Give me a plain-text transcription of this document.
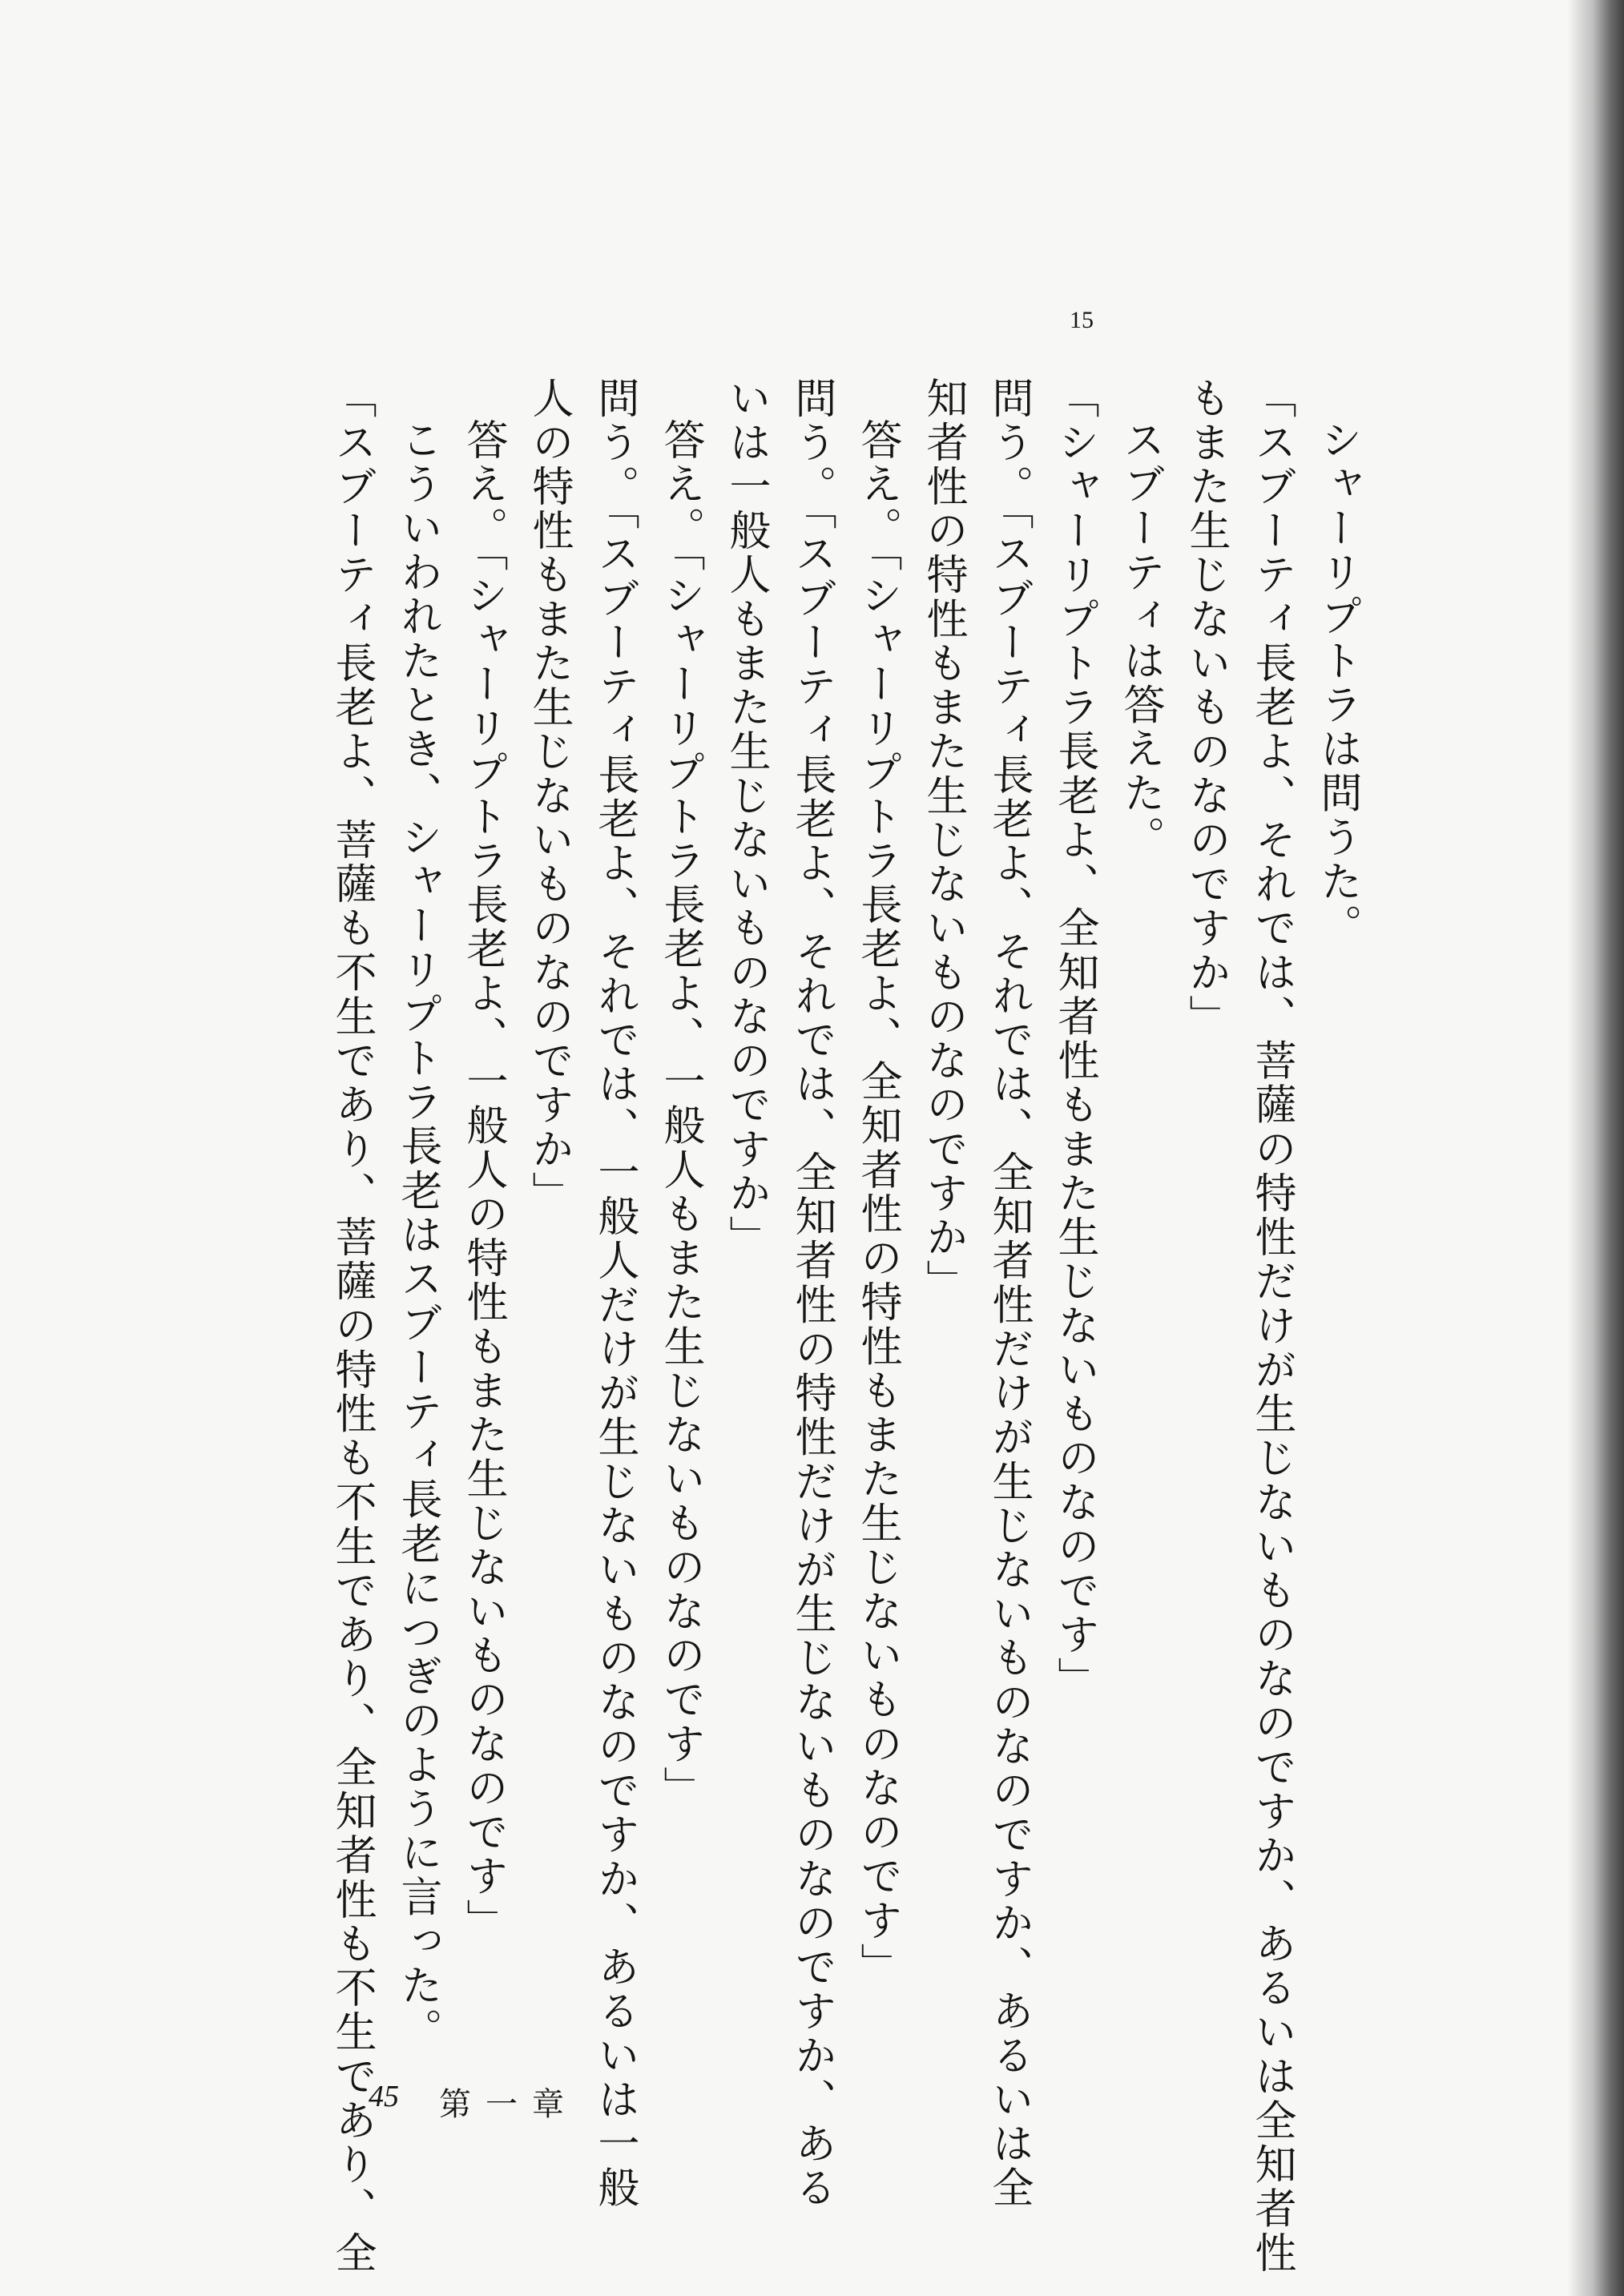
15
シャーリプトラは問うた。
「スブーティ長老よ、それでは、菩薩の特性だけが生じないものなのですか、あるいは全知者性
もまた生じないものなのですか」
スブーティは答えた。
「シャーリプトラ長老よ、全知者性もまた生じないものなのです」
問う。「スブーティ長老よ、それでは、全知者性だけが生じないものなのですか、あるいは全
知者性の特性もまた生じないものなのですか」
答え。「シャーリプトラ長老よ、全知者性の特性もまた生じないものなのです」
問う。「スブーティ長老よ、それでは、全知者性の特性だけが生じないものなのですか、ある
いは一般人もまた生じないものなのですか」
答え。「シャーリプトラ長老よ、一般人もまた生じないものなのです」
問う。「スブーティ長老よ、それでは、一般人だけが生じないものなのですか、あるいは一般
人の特性もまた生じないものなのですか」
答え。「シャーリプトラ長老よ、一般人の特性もまた生じないものなのです」
こういわれたとき、シャーリプトラ長老はスブーティ長老につぎのように言った。
「スブーティ長老よ、菩薩も不生であり、菩薩の特性も不生であり、全知者性も不生であり、全
45 第一章
